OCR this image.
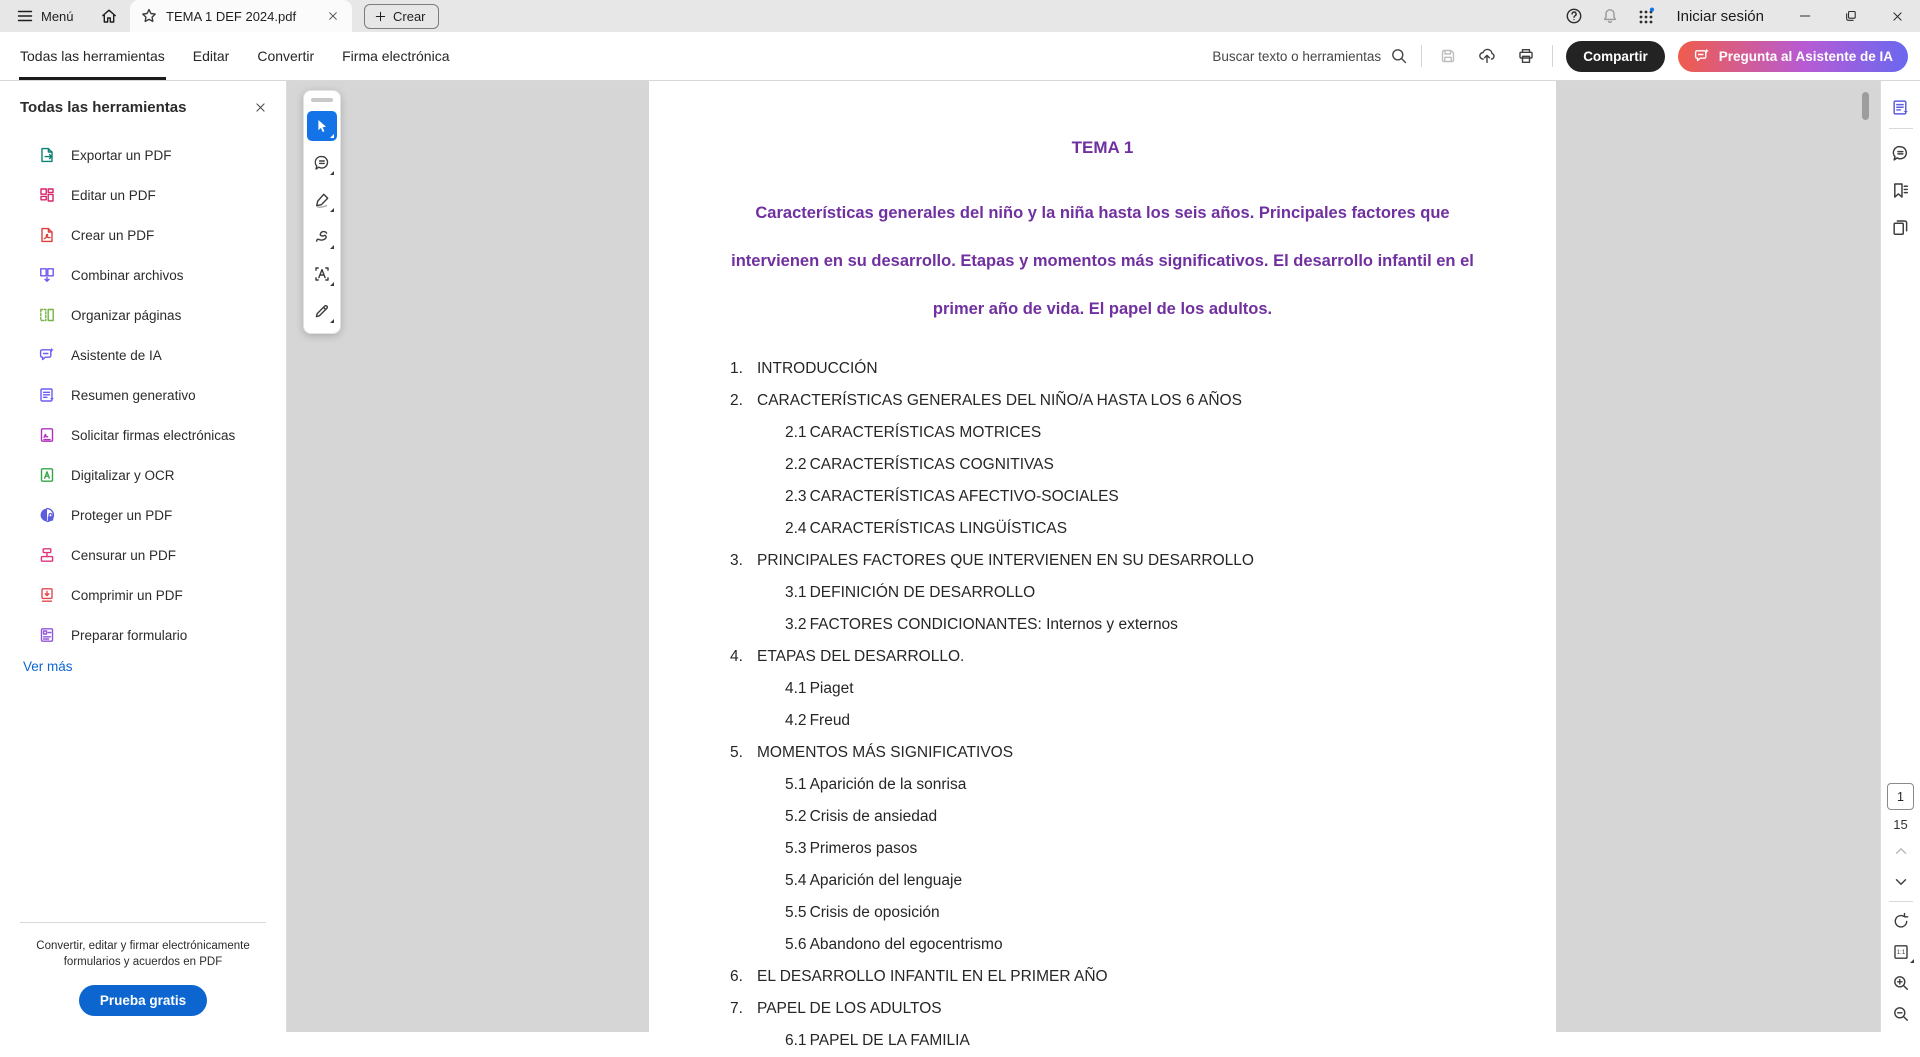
Menú	TEMA 1 DEF 2024.pdf	Crear	Iniciar sesión
Todas las herramientas	Editar	Convertir	Firma electrónica	Buscar texto o herramientas	Compartir	Pregunta al Asistente de IA
Todas las herramientas
Exportar un PDF
Editar un PDF
Crear un PDF
Combinar archivos
Organizar páginas
Asistente de IA
Resumen generativo
Solicitar firmas electrónicas
Digitalizar y OCR
Proteger un PDF
Censurar un PDF
Comprimir un PDF
Preparar formulario
Ver más
Convertir, editar y firmar electrónicamente formularios y acuerdos en PDF
Prueba gratis
TEMA 1
Características generales del niño y la niña hasta los seis años. Principales factores que
intervienen en su desarrollo. Etapas y momentos más significativos. El desarrollo infantil en el
primer año de vida. El papel de los adultos.
1. INTRODUCCIÓN
2. CARACTERÍSTICAS GENERALES DEL NIÑO/A HASTA LOS 6 AÑOS
2.1 CARACTERÍSTICAS MOTRICES
2.2 CARACTERÍSTICAS COGNITIVAS
2.3 CARACTERÍSTICAS AFECTIVO-SOCIALES
2.4 CARACTERÍSTICAS LINGÜÍSTICAS
3. PRINCIPALES FACTORES QUE INTERVIENEN EN SU DESARROLLO
3.1 DEFINICIÓN DE DESARROLLO
3.2 FACTORES CONDICIONANTES: Internos y externos
4. ETAPAS DEL DESARROLLO.
4.1 Piaget
4.2 Freud
5. MOMENTOS MÁS SIGNIFICATIVOS
5.1 Aparición de la sonrisa
5.2 Crisis de ansiedad
5.3 Primeros pasos
5.4 Aparición del lenguaje
5.5 Crisis de oposición
5.6 Abandono del egocentrismo
6. EL DESARROLLO INFANTIL EN EL PRIMER AÑO
7. PAPEL DE LOS ADULTOS
6.1 PAPEL DE LA FAMILIA
1
15
1:1
